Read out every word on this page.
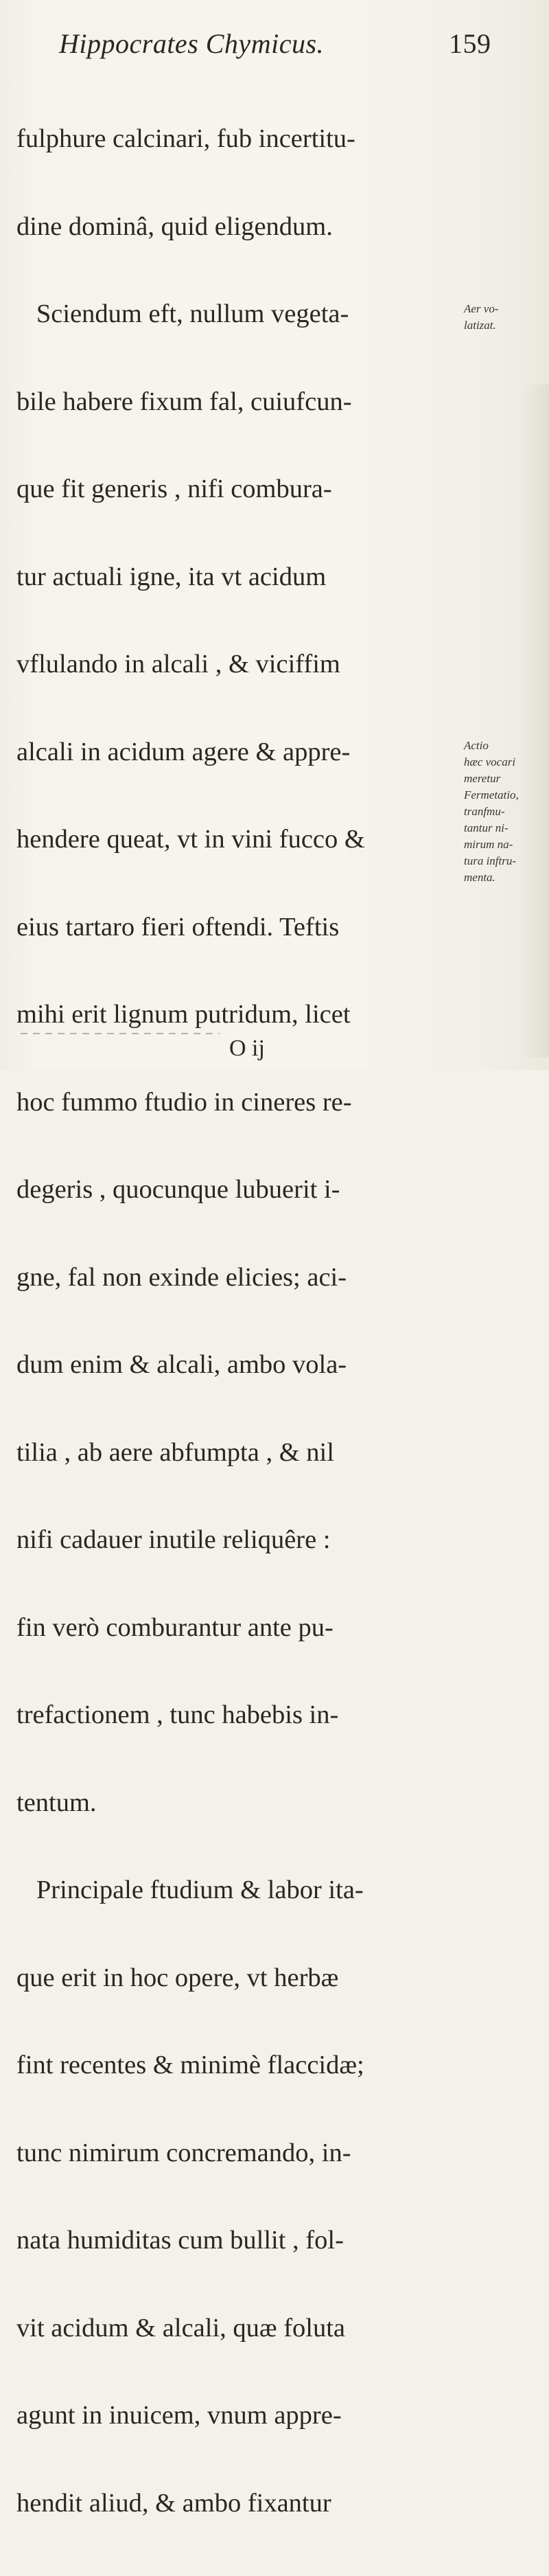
Hippocrates Chymicus.	159

fulphure calcinari, fub incertitu-

dine dominâ, quid eligendum.

Sciendum eft, nullum vegeta-

bile habere fixum fal, cuiufcun-

que fit generis , nifi combura-

tur actuali igne, ita vt acidum

vflulando in alcali , & viciffim

alcali in acidum agere & appre-

hendere queat, vt in vini fucco &

eius tartaro fieri oftendi. Teftis

mihi erit lignum putridum, licet

hoc fummo ftudio in cineres re-

degeris , quocunque lubuerit i-

gne, fal non exinde elicies; aci-

dum enim & alcali, ambo vola-

tilia , ab aere abfumpta , & nil

nifi cadauer inutile reliquêre :

fin verò comburantur ante pu-

trefactionem , tunc habebis in-

tentum.

Principale ftudium & labor ita-

que erit in hoc opere, vt herbæ

fint recentes & minimè flaccidæ;

tunc nimirum concremando, in-

nata humiditas cum bullit , fol-

vit acidum & alcali, quæ foluta

agunt in inuicem, vnum appre-

hendit aliud, & ambo fixantur

Aer vo-
latizat.
Actio
hæc vocari
meretur
Fermetatio,
tranfmu-
tantur ni-
mirum na-
tura inftru-
menta.
O ij
